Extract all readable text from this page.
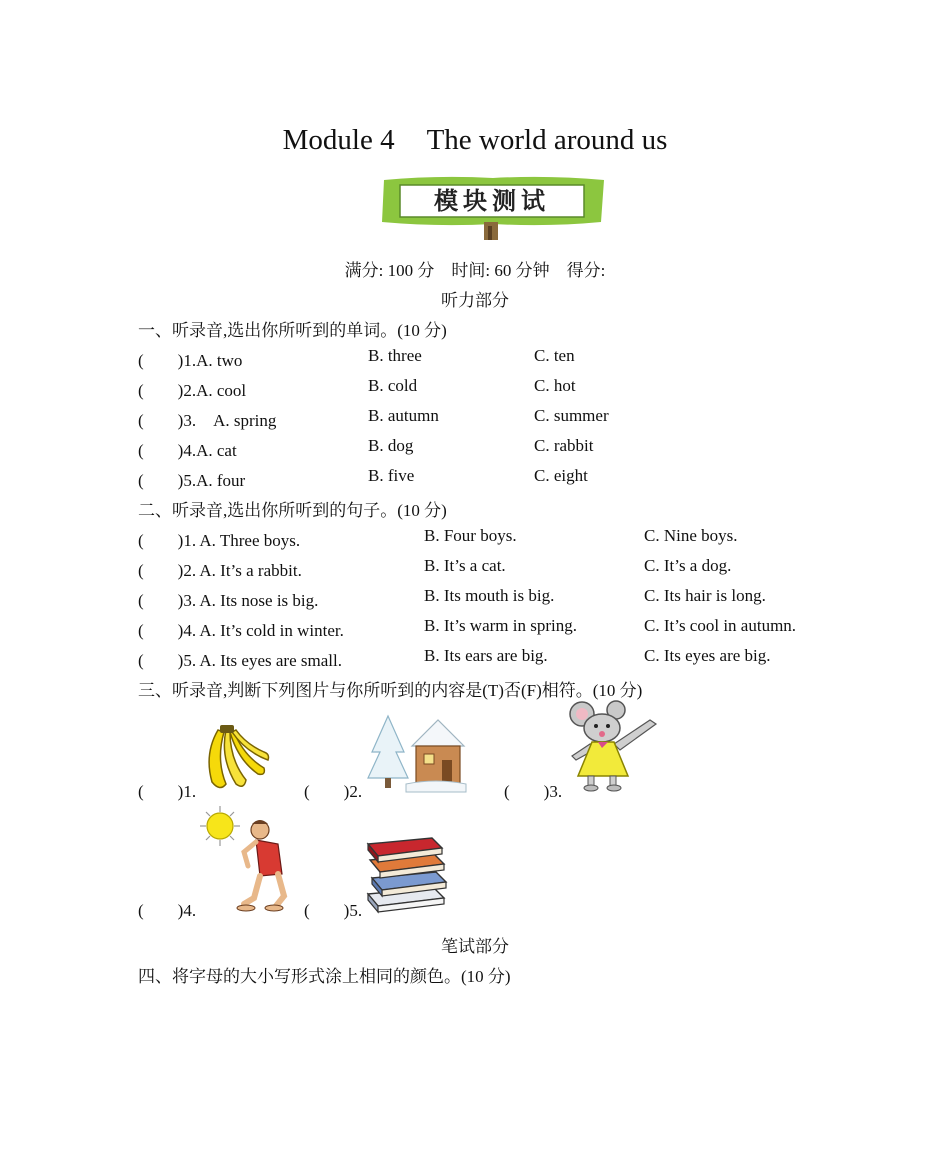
Module 4 The world around us
模块测试
满分: 100 分　时间: 60 分钟　得分:
听力部分
一、听录音,选出你所听到的单词。(10 分)
(　　)1.A. two	B. three	C. ten
(　　)2.A. cool	B. cold	C. hot
(　　)3.　A. spring	B. autumn	C. summer
(　　)4.A. cat	B. dog	C. rabbit
(　　)5.A. four	B. five	C. eight
二、听录音,选出你所听到的句子。(10 分)
(　　)1. A. Three boys.	B. Four boys.	C. Nine boys.
(　　)2. A. It’s a rabbit.	B. It’s a cat.	C. It’s a dog.
(　　)3. A. Its nose is big.	B. Its mouth is big.	C. Its hair is long.
(　　)4. A. It’s cold in winter.	B. It’s warm in spring.	C. It’s cool in autumn.
(　　)5. A. Its eyes are small.	B. Its ears are big.	C. Its eyes are big.
三、听录音,判断下列图片与你所听到的内容是(T)否(F)相符。(10 分)
(　　)1.	(　　)2.	(　　)3.
(　　)4.	(　　)5.
笔试部分
四、将字母的大小写形式涂上相同的颜色。(10 分)
